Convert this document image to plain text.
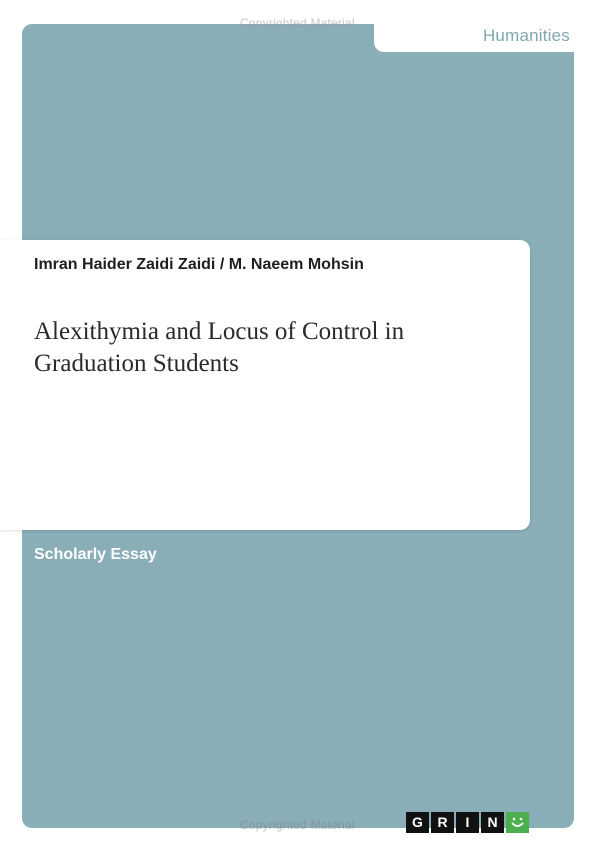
Humanities
Copyrighted Material
Imran Haider Zaidi Zaidi / M. Naeem Mohsin
Alexithymia and Locus of Control in Graduation Students
Scholarly Essay
Copyrighted Material	G	R	I	N
